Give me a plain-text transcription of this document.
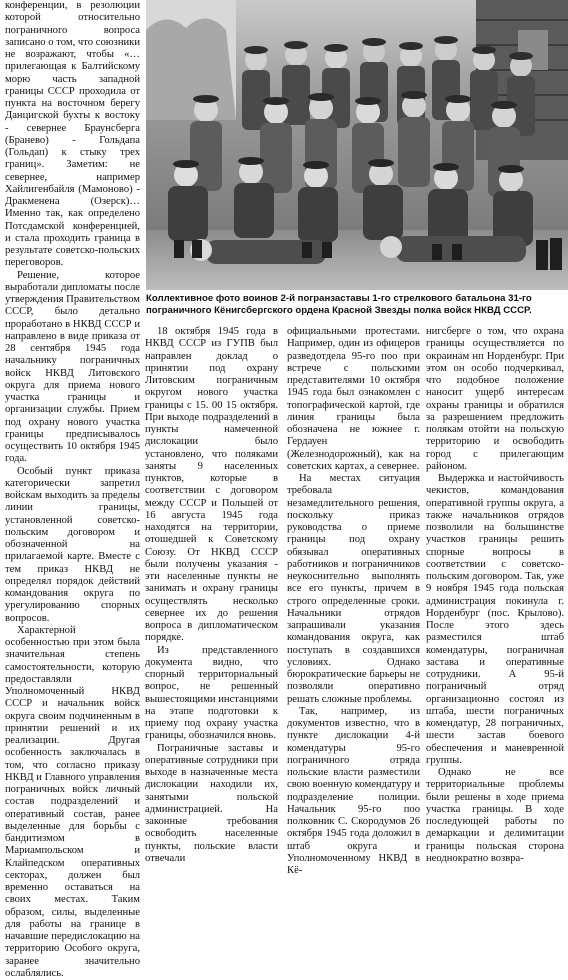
конференции, в резолюции которой относительно пограничного вопроса записано о том, что союзники не возражают, чтобы «… прилегающая к Балтийскому морю часть западной границы СССР проходила от пункта на восточном берегу Данцигской бухты к востоку - севернее Браунсберга (Бранево) - Гольдапа (Гольдап) к стыку трех границ». Заметим: не севернее, например Хайлигенбайля (Мамоново) - Дракменена (Озерск)… Именно так, как определено Потсдамской конференцией, и стала проходить граница в результате советско-польских переговоров.

Решение, которое выработали дипломаты после утверждения Правительством СССР, было детально проработано в НКВД СССР и направлено в виде приказа от 28 сентября 1945 года начальнику пограничных войск НКВД Литовского округа для приема нового участка границы и организации службы. Прием под охрану нового участка границы предписывалось осуществить 10 октября 1945 года.

Особый пункт приказа категорически запретил войскам выходить за пределы линии границы, установленной советско-польским договором и обозначенной на прилагаемой карте. Вместе с тем приказ НКВД не определял порядок действий командования округа по урегулированию спорных вопросов.

Характерной особенностью при этом была значительная степень самостоятельности, которую предоставляли Уполномоченный НКВД СССР и начальник войск округа своим подчиненным в принятии решений и их реализации. Другая особенность заключалась в том, что согласно приказу НКВД и Главного управления пограничных войск личный состав подразделений и оперативный состав, ранее выделенные для борьбы с бандитизмом в Мариампольском и Клайпедском оперативных секторах, должен был временно оставаться на своих местах. Таким образом, силы, выделенные для работы на границе в начавшие передислокацию на территорию Особого округа, заранее значительно ослаблялись.

Коллективное фото воинов 2-й погранзаставы 1-го стрелкового батальона 31-го пограничного Кёнигсбергского ордена Красной Звезды полка войск НКВД СССР.

18 октября 1945 года в НКВД СССР из ГУПВ был направлен доклад о принятии под охрану Литовским пограничным округом нового участка границы с 15. 00 15 октября. При выходе подразделений в пункты намеченной дислокации было установлено, что поляками заняты 9 населенных пунктов, которые в соответствии с договором между СССР и Польшей от 16 августа 1945 года находятся на территории, отошедшей к Советскому Союзу. От НКВД СССР были получены указания - эти населенные пункты не занимать и охрану границы осуществлять несколько севернее их до решения вопроса в дипломатическом порядке.

Из представленного документа видно, что спорный территориальный вопрос, не решенный вышестоящими инстанциями на этапе подготовки к приему под охрану участка границы, обозначился вновь.

Пограничные заставы и оперативные сотрудники при выходе в назначенные места дислокации находили их, занятыми польской администрацией. На законные требования освободить населенные пункты, польские власти отвечали

официальными протестами. Например, один из офицеров разведотдела 95-го поо при встрече с польскими представителями 10 октября 1945 года был ознакомлен с топографической картой, где линия границы была обозначена не южнее г. Гердауен (Железнодорожный), как на советских картах, а севернее.

На местах ситуация требовала незамедлительного решения, поскольку приказ руководства о приеме границы под охрану обязывал оперативных работников и пограничников неукоснительно выполнять все его пункты, причем в строго определенные сроки. Начальники отрядов запрашивали указания командования округа, как поступать в создавшихся условиях. Однако бюрократические барьеры не позволяли оперативно решать сложные проблемы.

Так, например, из документов известно, что в пункте дислокации 4-й комендатуры 95-го пограничного отряда польские власти разместили свою военную комендатуру и подразделение полиции. Начальник 95-го поо полковник С. Скородумов 26 октября 1945 года доложил в штаб округа и Уполномоченному НКВД в Кё-

нигсберге о том, что охрана границы осуществляется по окраинам нп Норденбург. При этом он особо подчеркивал, что подобное положение наносит ущерб интересам охраны границы и обратился за разрешением предложить полякам отойти на польскую территорию и освободить город с прилегающим районом.

Выдержка и настойчивость чекистов, командования оперативной группы округа, а также начальников отрядов позволили на большинстве участков границы решить спорные вопросы в соответствии с советско-польским договором. Так, уже 9 ноября 1945 года польская администрация покинула г. Норденбург (пос. Крылово). После этого здесь разместился штаб комендатуры, пограничная застава и оперативные сотрудники. А 95-й пограничный отряд организационно состоял из штаба, шести пограничных комендатур, 28 пограничных, шести застав боевого обеспечения и маневренной группы.

Однако не все территориальные проблемы были решены в ходе приема участка границы. В ходе последующей работы по демаркации и делимитации границы польская сторона неоднократно возвра-
